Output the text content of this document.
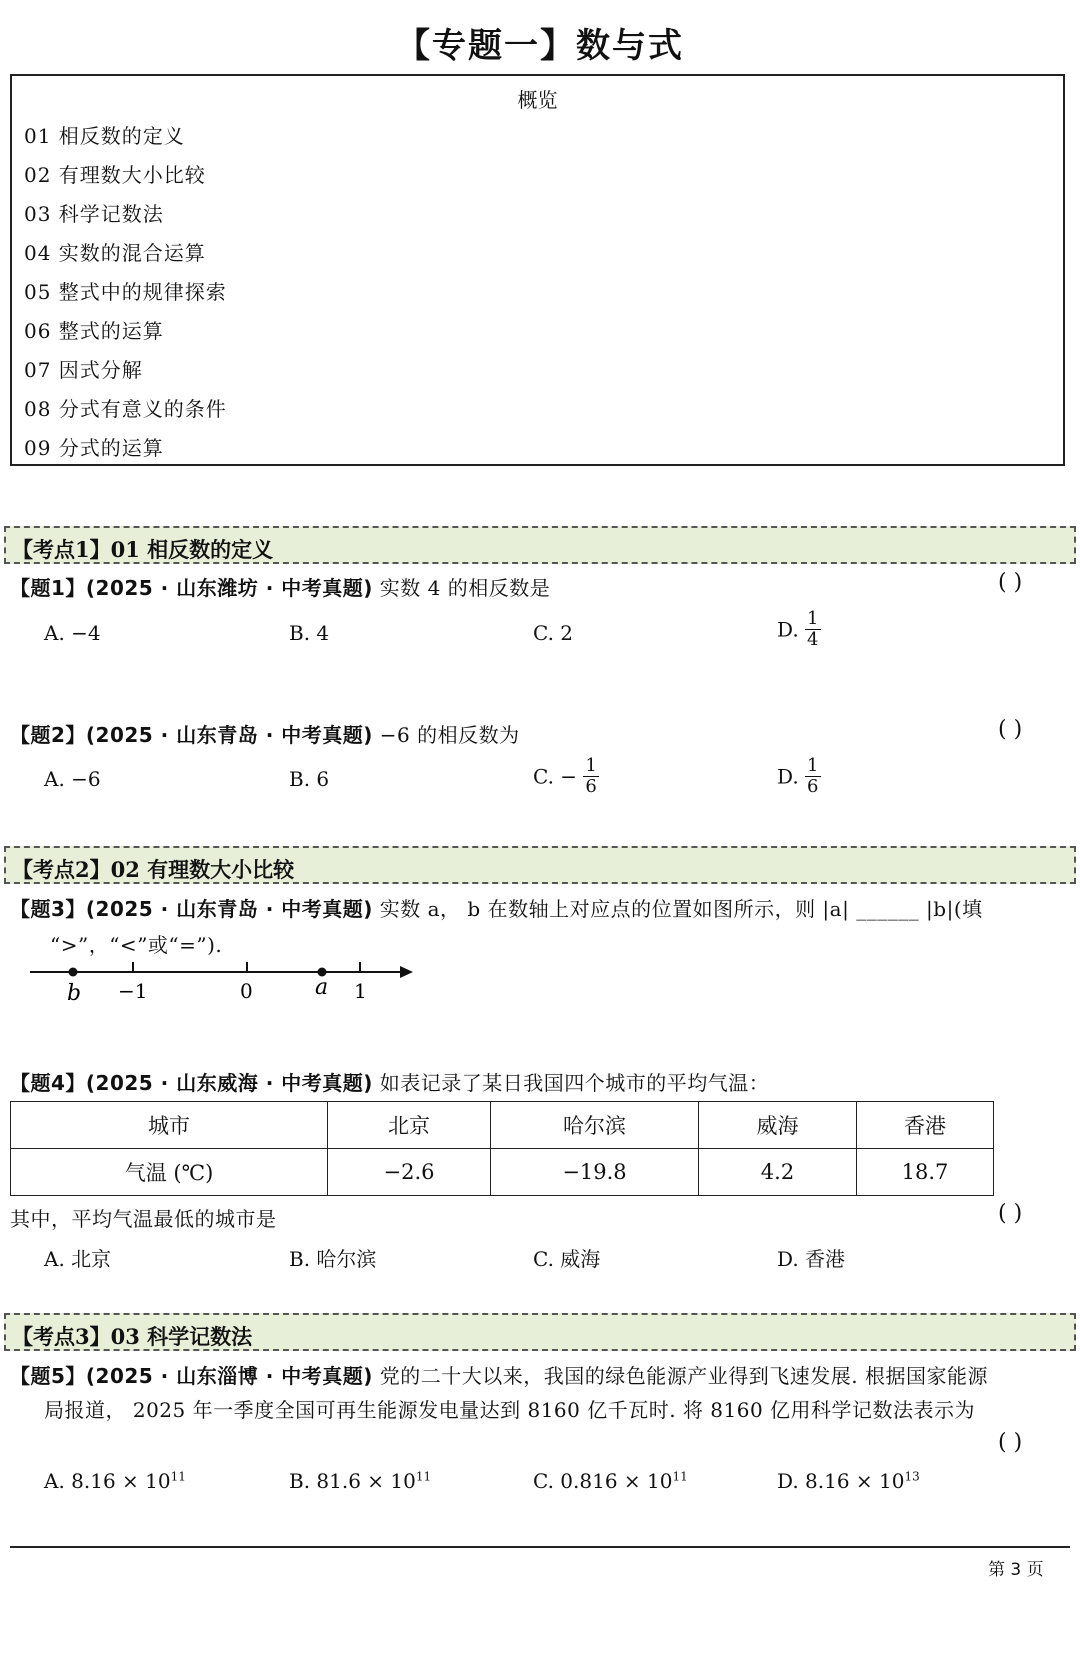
【专题一】数与式
概览
01 相反数的定义
02 有理数大小比较
03 科学记数法
04 实数的混合运算
05 整式中的规律探索
06 整式的运算
07 因式分解
08 分式有意义的条件
09 分式的运算
【考点1】01 相反数的定义
【题1】(2025 · 山东潍坊 · 中考真题) 实数 4 的相反数是	( )
A. −4	B. 4	C. 2	D. $\frac{1}{4}$
【题2】(2025 · 山东青岛 · 中考真题) −6 的相反数为	( )
A. −6	B. 6	C. − $\frac{1}{6}$	D. $\frac{1}{6}$
【考点2】02 有理数大小比较
【题3】(2025 · 山东青岛 · 中考真题) 实数 a， b 在数轴上对应点的位置如图所示，则 |a| ______ |b|(填
“>”，“<”或“=”).
b −1	0	a 1
【题4】(2025 · 山东威海 · 中考真题) 如表记录了某日我国四个城市的平均气温：
城市	北京	哈尔滨	威海	香港
气温 (℃)	−2.6	−19.8	4.2	18.7
其中，平均气温最低的城市是	( )
A. 北京	B. 哈尔滨	C. 威海	D. 香港
【考点3】03 科学记数法
【题5】(2025 · 山东淄博 · 中考真题) 党的二十大以来，我国的绿色能源产业得到飞速发展. 根据国家能源
局报道， 2025 年一季度全国可再生能源发电量达到 8160 亿千瓦时. 将 8160 亿用科学记数法表示为
( )
A. $8.16 \times 10^{11}$	B. $81.6 \times 10^{11}$	C. $0.816 \times 10^{11}$	D. $8.16 \times 10^{13}$
第 3 页
